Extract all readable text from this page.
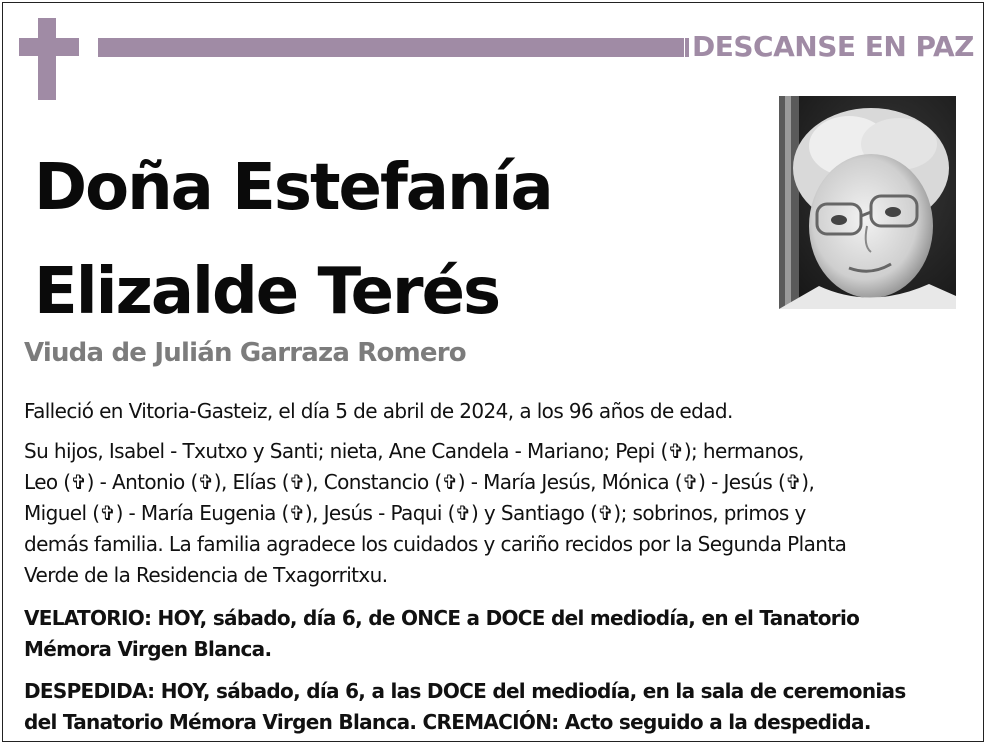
DESCANSE EN PAZ
Doña Estefanía
Elizalde Terés
Viuda de Julián Garraza Romero
Falleció en Vitoria-Gasteiz, el día 5 de abril de 2024, a los 96 años de edad.
Su hijos, Isabel - Txutxo y Santi; nieta, Ane Candela - Mariano; Pepi (✞); hermanos,
Leo (✞) - Antonio (✞), Elías (✞), Constancio (✞) - María Jesús, Mónica (✞) - Jesús (✞),
Miguel (✞) - María Eugenia (✞), Jesús - Paqui (✞) y Santiago (✞); sobrinos, primos y
demás familia. La familia agradece los cuidados y cariño recidos por la Segunda Planta
Verde de la Residencia de Txagorritxu.
VELATORIO: HOY, sábado, día 6, de ONCE a DOCE del mediodía, en el Tanatorio
Mémora Virgen Blanca.
DESPEDIDA: HOY, sábado, día 6, a las DOCE del mediodía, en la sala de ceremonias
del Tanatorio Mémora Virgen Blanca. CREMACIÓN: Acto seguido a la despedida.
